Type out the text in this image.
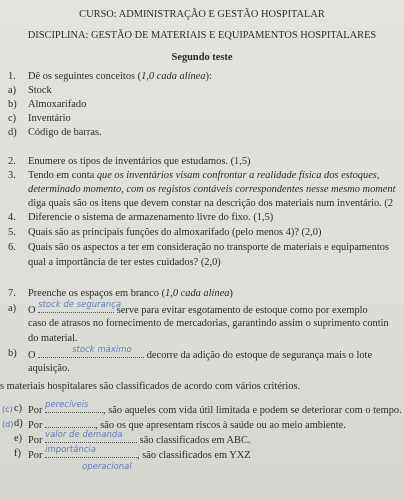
CURSO: ADMINISTRAÇÃO E GESTÃO HOSPITALAR
DISCIPLINA: GESTÃO DE MATERIAIS E EQUIPAMENTOS HOSPITALARES
Segundo teste
1. Dê os seguintes conceitos (1,0 cada alínea):
a) Stock
b) Almoxarifado
c) Inventário
d) Código de barras.
2. Enumere os tipos de inventários que estudamos. (1,5)
3. Tendo em conta que os inventários visam confrontar a realidade física dos estoques,
determinado momento, com os registos contáveis correspondentes nesse mesmo moment
diga quais são os itens que devem constar na descrição dos materiais num inventário. (2
4. Diferencie o sistema de armazenamento livre do fixo. (1,5)
5. Quais são as principais funções do almoxarifado (pelo menos 4)? (2,0)
6. Quais são os aspectos a ter em consideração no transporte de materiais e equipamentos
qual a importância de ter estes cuidados? (2,0)
7. Preenche os espaços em branco (1,0 cada alínea)
a) O stock de segurança
serve para evitar esgotamento de estoque como por exemplo
caso de atrasos no fornecimento de mercadorias, garantindo assim o suprimento contin
do material.
b) O	stock máximo decorre da adição do estoque de segurança mais o lote
aquisição.
s materiais hospitalares são classificados de acordo com vários critérios.
(c) c) Por perecíveis , são aqueles com vida útil limitada e podem se deteriorar com o tempo.
(d) d) Por	, são os que apresentam riscos à saúde ou ao meio ambiente.
e) Por valor de demanda são classificados em ABC.
f) Por importância	, são classificados em YXZ
operacional
